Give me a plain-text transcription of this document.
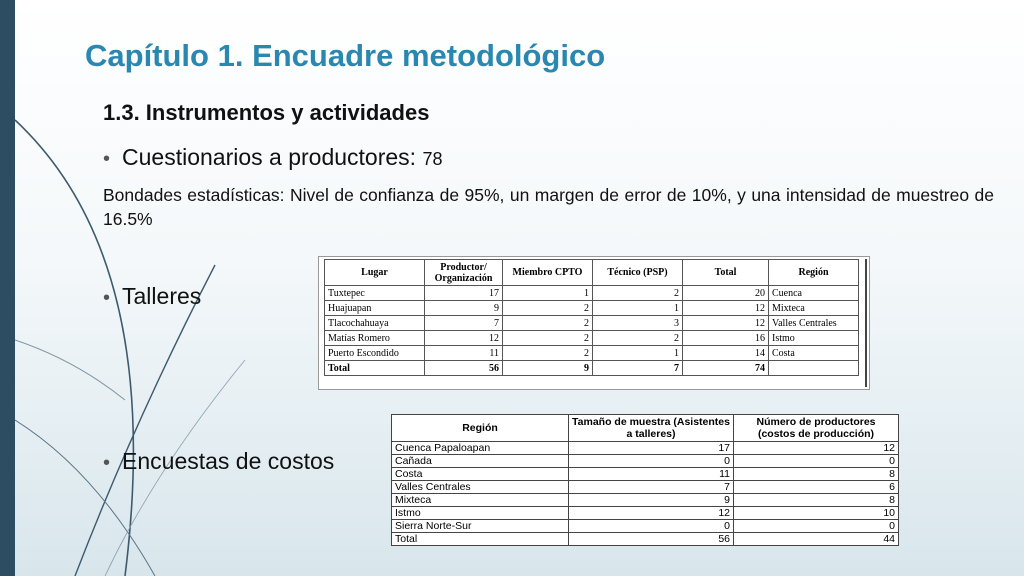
Capítulo 1. Encuadre metodológico
1.3. Instrumentos y actividades
• Cuestionarios a productores: 78
Bondades estadísticas: Nivel de confianza de 95%, un margen de error de 10%, y una intensidad de muestreo de 16.5%
• Talleres
• Encuestas de costos
Lugar	Productor/ Organización	Miembro CPTO	Técnico (PSP)	Total	Región
Tuxtepec	17	1	2	20	Cuenca
Huajuapan	9	2	1	12	Mixteca
Tlacochahuaya	7	2	3	12	Valles Centrales
Matías Romero	12	2	2	16	Istmo
Puerto Escondido	11	2	1	14	Costa
Total	56	9	7	74	
Región	Tamaño de muestra (Asistentes a talleres)	Número de productores (costos de producción)
Cuenca Papaloapan	17	12
Cañada	0	0
Costa	11	8
Valles Centrales	7	6
Mixteca	9	8
Istmo	12	10
Sierra Norte-Sur	0	0
Total	56	44
